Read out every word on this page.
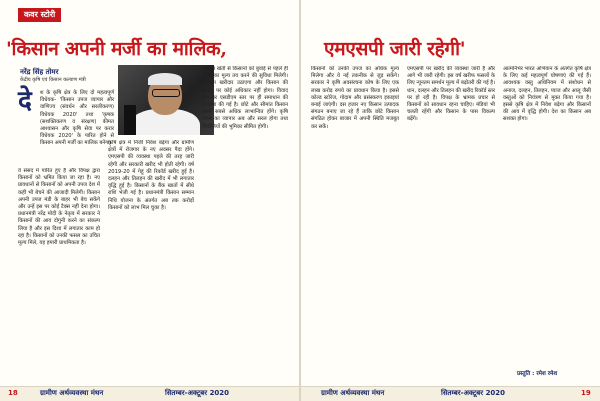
कवर स्टोरी
नरेंद्र सिंह तोमर
केंद्रीय कृषि एवं किसान कल्याण मंत्री
दे श के कृषि क्षेत्र के लिए दो महत्वपूर्ण विधेयक- 'किसान उपज व्यापार और वाणिज्य (संवर्धन और सरलीकरण) विधेयक 2020' तथा 'कृषक (सशक्तिकरण व संरक्षण) कीमत आश्वासन और कृषि सेवा पर करार विधेयक 2020' के पारित होने से किसान अपनी मर्जी का मालिक बनेगा।

वे संसद में पारित हुए हैं और विपक्ष द्वारा किसानों को भ्रमित किया जा रहा है। नए प्रावधानों से किसानों को अपनी उपज देश में कहीं भी बेचने की आजादी मिलेगी। किसान अपनी उपज मंडी के बाहर भी बेच सकेंगे और उन्हें इस पर कोई टैक्स नहीं देना होगा। प्रधानमंत्री नरेंद्र मोदी के नेतृत्व में सरकार ने किसानों की आय दोगुनी करने का संकल्प लिया है और इस दिशा में लगातार काम हो रहा है। किसानों को उनकी फसल का उचित मूल्य मिले, यह हमारी प्राथमिकता है।

कृषि क्षेत्र में निजी निवेश बढ़ेगा और ग्रामीण क्षेत्रों में रोजगार के नए अवसर पैदा होंगे। एमएसपी की व्यवस्था पहले की तरह जारी रहेगी और सरकारी खरीद भी होती रहेगी। वर्ष 2019-20 में गेहूं की रिकॉर्ड खरीद हुई है। दलहन और तिलहन की खरीद में भी लगातार वृद्धि हुई है। किसानों के बैंक खातों में सीधे राशि भेजी गई है। प्रधानमंत्री किसान सम्मान निधि योजना के अंतर्गत अब तक करोड़ों किसानों को लाभ मिल चुका है।

अनुबंध खेती से किसानों को बुवाई से पहले ही उपज का मूल्य तय करने की सुविधा मिलेगी। जोखिम खरीदार उठाएगा और किसान की जमीन पर कोई अधिकार नहीं होगा। विवाद होने पर एसडीएम स्तर पर ही समाधान की व्यवस्था की गई है। छोटे और सीमांत किसान इससे सबसे अधिक लाभान्वित होंगे। कृषि उपज का व्यापार अब और सरल होगा तथा बिचौलियों की भूमिका सीमित होगी।

18	ग्रामीण अर्थव्यवस्था मंथन	सितम्बर-अक्टूबर 2020

किसानों को उनकी उपज का अधिक मूल्य मिलेगा और वे नई तकनीक से जुड़ सकेंगे। सरकार ने कृषि अवसंरचना कोष के लिए एक लाख करोड़ रुपये का प्रावधान किया है। इससे कोल्ड स्टोरेज, गोदाम और प्रसंस्करण इकाइयां बनाई जाएंगी। दस हजार नए किसान उत्पादक संगठन बनाए जा रहे हैं ताकि छोटे किसान संगठित होकर बाजार में अपनी स्थिति मजबूत कर सकें।

एमएसपी पर खरीद की व्यवस्था जारी है और आगे भी जारी रहेगी। इस वर्ष खरीफ फसलों के लिए न्यूनतम समर्थन मूल्य में बढ़ोतरी की गई है। धान, दलहन और तिलहन की खरीद रिकॉर्ड स्तर पर हो रही है। विपक्ष के भ्रामक प्रचार से किसानों को सावधान रहना चाहिए। मंडियां भी चलती रहेंगी और किसान के पास विकल्प बढ़ेंगे।

आत्मनिर्भर भारत अभियान के अंतर्गत कृषि क्षेत्र के लिए कई महत्वपूर्ण घोषणाएं की गई हैं। आवश्यक वस्तु अधिनियम में संशोधन से अनाज, दलहन, तिलहन, प्याज और आलू जैसी वस्तुओं को नियंत्रण से मुक्त किया गया है। इससे कृषि क्षेत्र में निवेश बढ़ेगा और किसानों की आय में वृद्धि होगी। देश का किसान अब सशक्त होगा।

प्रस्तुति : रमेश रमेश
ग्रामीण अर्थव्यवस्था मंथन	सितम्बर-अक्टूबर 2020	19
'किसान अपनी मर्जी का मालिक,	एमएसपी जारी रहेगी'
